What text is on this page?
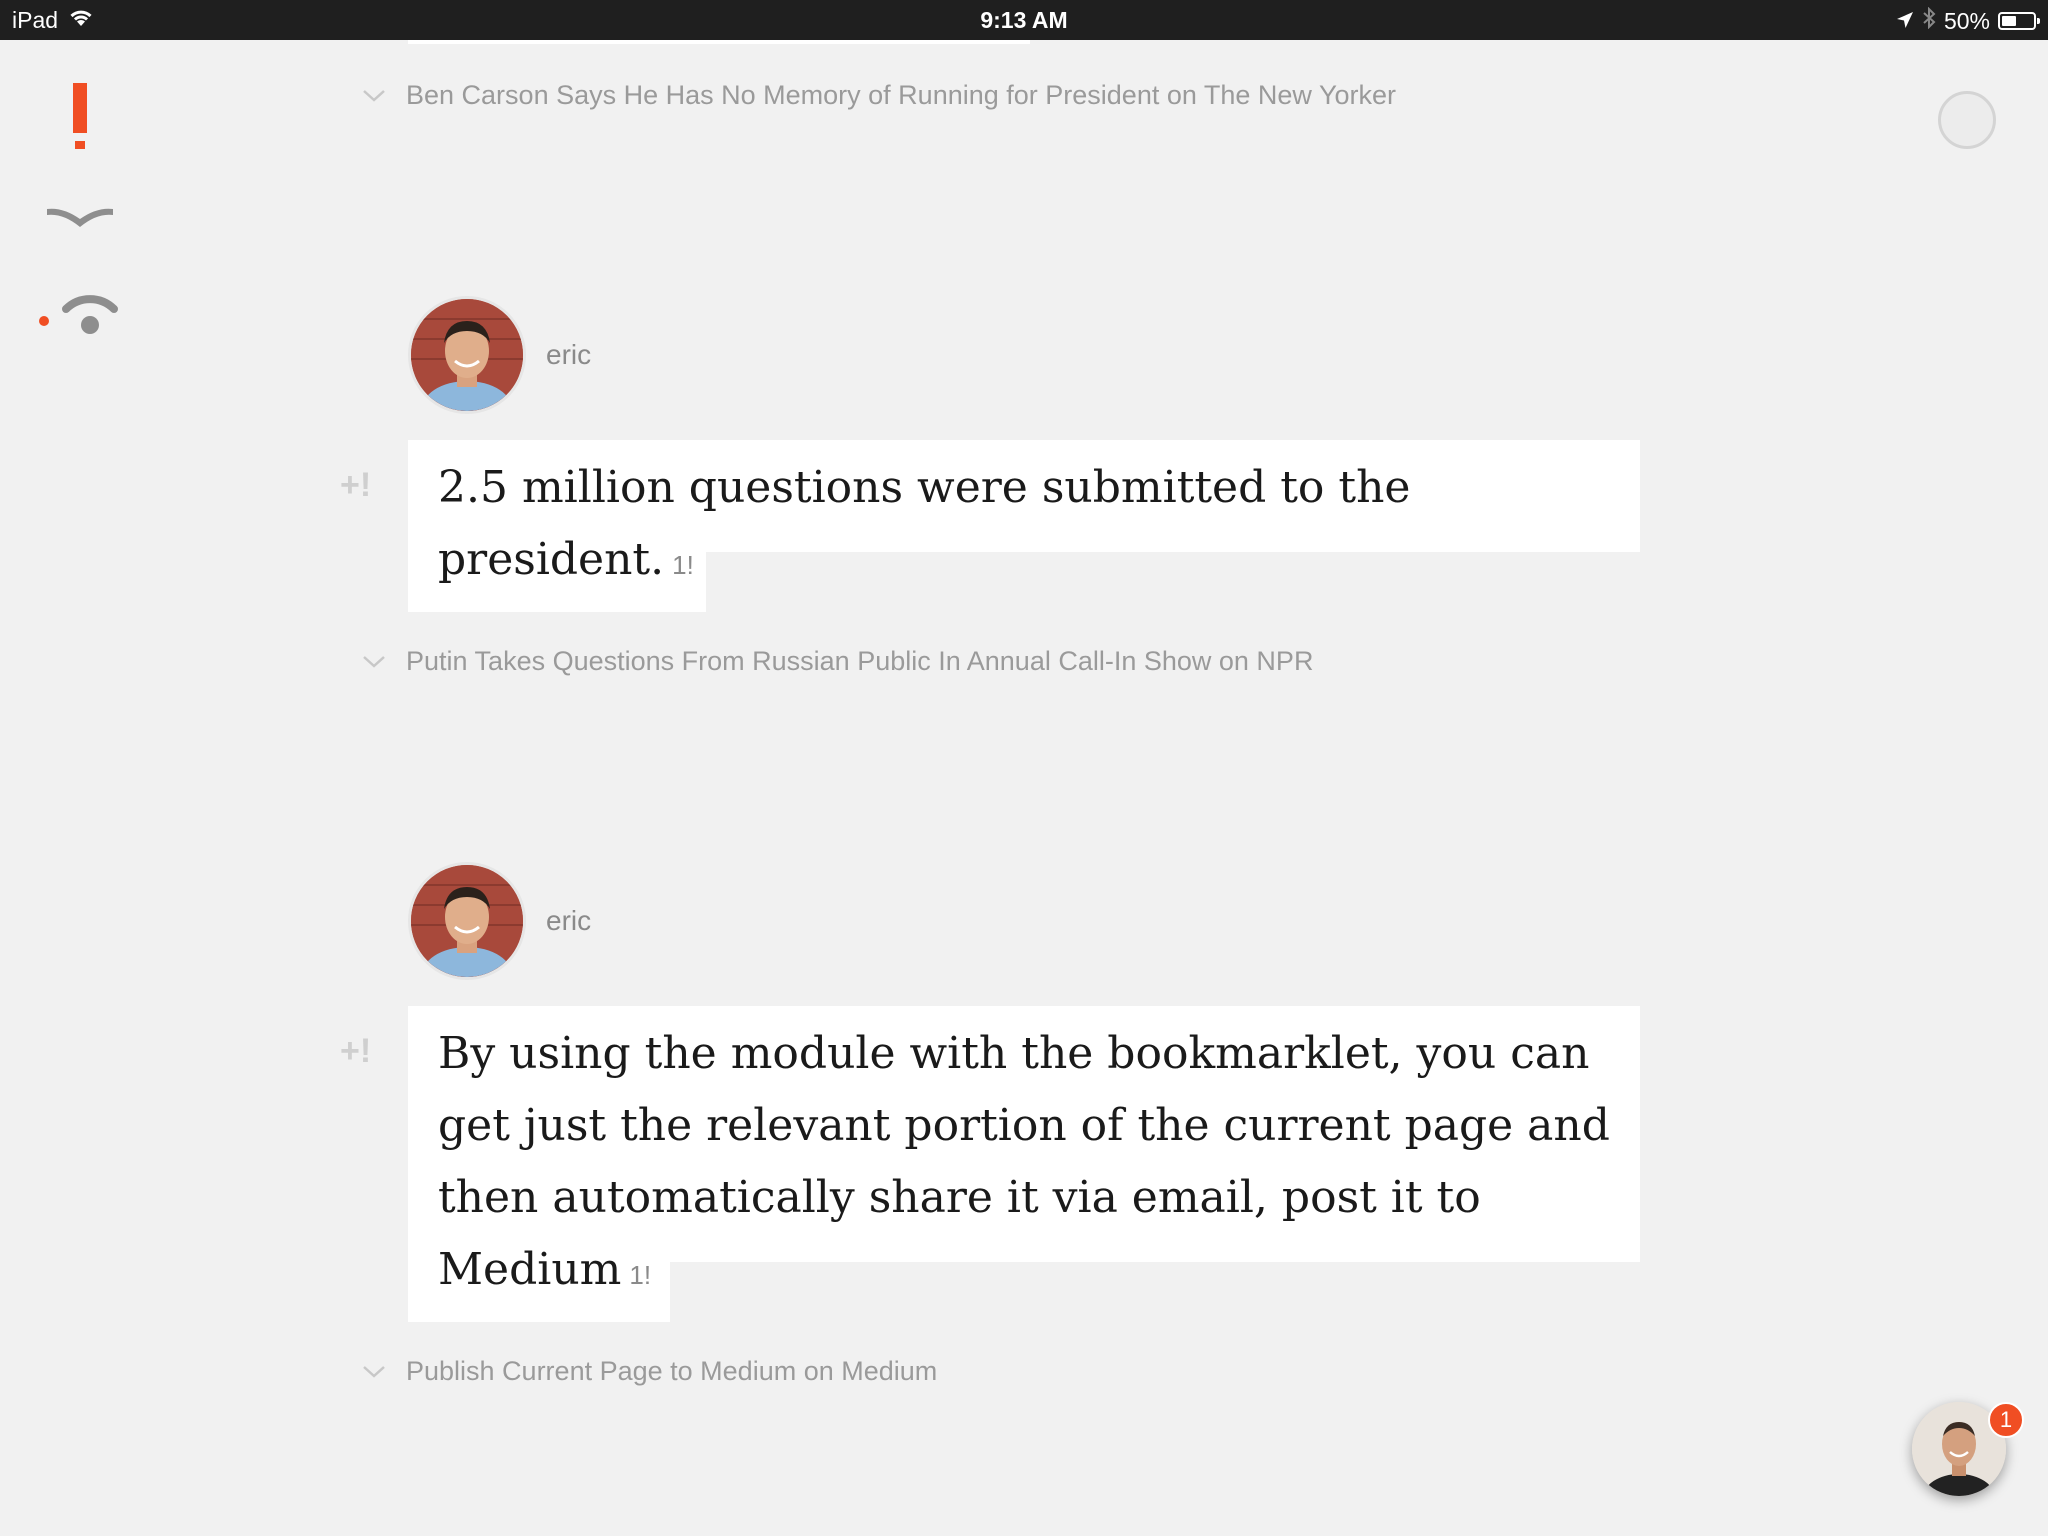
iPad	9:13 AM	50%
Ben Carson Says He Has No Memory of Running for President on The New Yorker
eric
+! 2.5 million questions were submitted to the
president. 1!
Putin Takes Questions From Russian Public In Annual Call-In Show on NPR
eric
+! By using the module with the bookmarklet, you can
get just the relevant portion of the current page and
then automatically share it via email, post it to
Medium 1!
Publish Current Page to Medium on Medium
1
